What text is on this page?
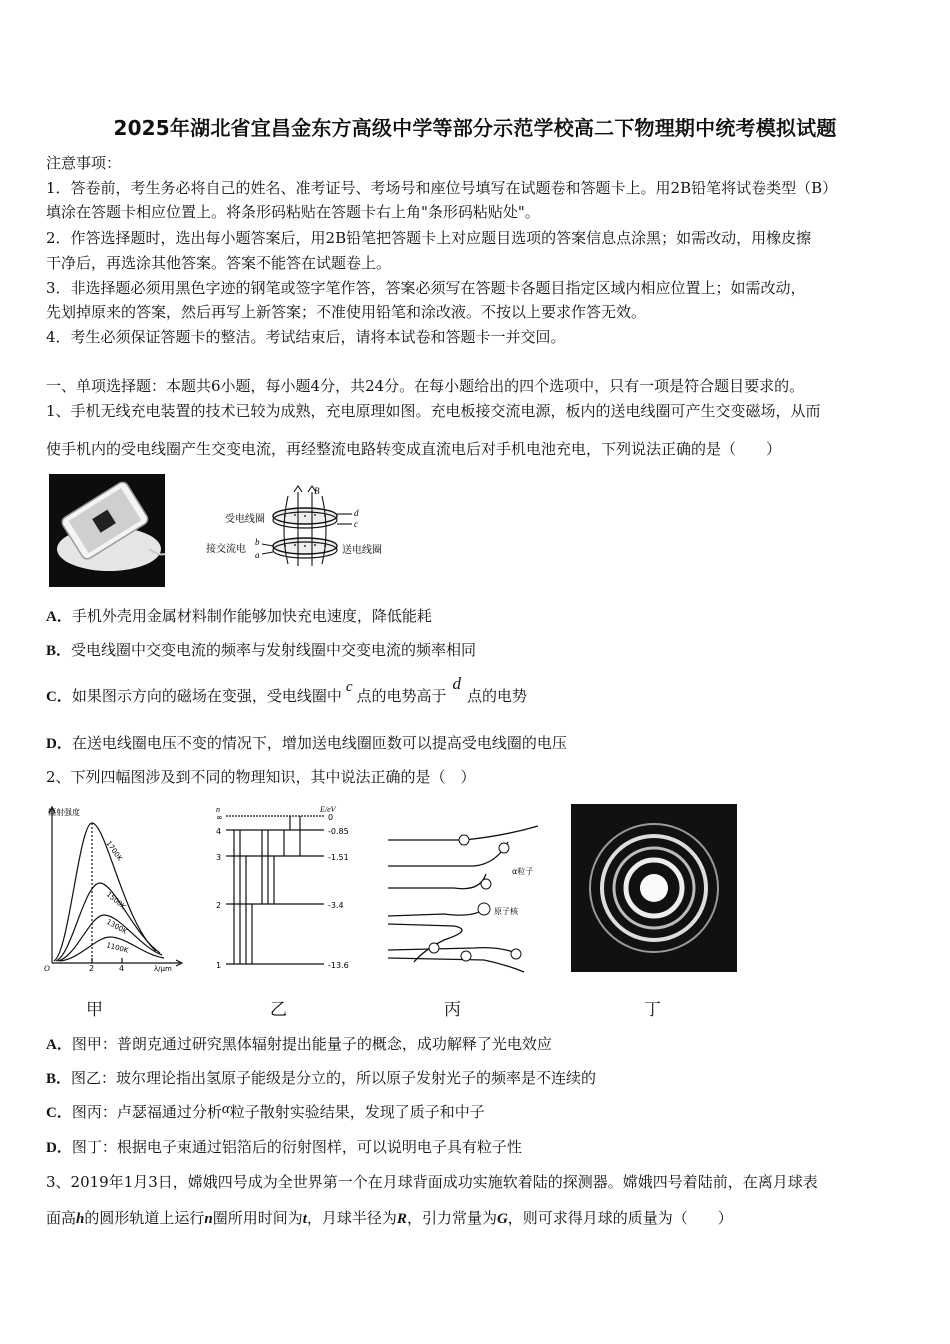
2025年湖北省宜昌金东方高级中学等部分示范学校高二下物理期中统考模拟试题
注意事项：
1．答卷前，考生务必将自己的姓名、准考证号、考场号和座位号填写在试题卷和答题卡上。用2B铅笔将试卷类型（B）
填涂在答题卡相应位置上。将条形码粘贴在答题卡右上角"条形码粘贴处"。
2．作答选择题时，选出每小题答案后，用2B铅笔把答题卡上对应题目选项的答案信息点涂黑；如需改动，用橡皮擦
干净后，再选涂其他答案。答案不能答在试题卷上。
3．非选择题必须用黑色字迹的钢笔或签字笔作答，答案必须写在答题卡各题目指定区域内相应位置上；如需改动，
先划掉原来的答案，然后再写上新答案；不准使用铅笔和涂改液。不按以上要求作答无效。
4．考生必须保证答题卡的整洁。考试结束后，请将本试卷和答题卡一并交回。
一、单项选择题：本题共6小题，每小题4分，共24分。在每小题给出的四个选项中，只有一项是符合题目要求的。
1、手机无线充电装置的技术已较为成熟，充电原理如图。充电板接交流电源，板内的送电线圈可产生交变磁场，从而
使手机内的受电线圈产生交变电流，再经整流电路转变成直流电后对手机电池充电，下列说法正确的是（　　）
B
d
c
b
a
受电线圈
接交流电	送电线圈
A．手机外壳用金属材料制作能够加快充电速度，降低能耗
B．受电线圈中交变电流的频率与发射线圈中交变电流的频率相同
C．如果图示方向的磁场在变强，受电线圈中 c 点的电势高于d点的电势
D．在送电线圈电压不变的情况下，增加送电线圈匝数可以提高受电线圈的电压
2、下列四幅图涉及到不同的物理知识，其中说法正确的是（　）
辐射强度
λ/μm
O	2	4
1700K
1500K
1300K
1100K
n	E/eV
∞	0
4	-0.85
3	-1.51
2	-3.4
1	-13.6
α粒子
原子核
甲	乙	丙	丁
A．图甲：普朗克通过研究黑体辐射提出能量子的概念，成功解释了光电效应
B．图乙：玻尔理论指出氢原子能级是分立的，所以原子发射光子的频率是不连续的
C．图丙：卢瑟福通过分析α粒子散射实验结果，发现了质子和中子
D．图丁：根据电子束通过铝箔后的衍射图样，可以说明电子具有粒子性
3、2019年1月3日，嫦娥四号成为全世界第一个在月球背面成功实施软着陆的探测器。嫦娥四号着陆前，在离月球表
面高h的圆形轨道上运行n圈所用时间为t，月球半径为R，引力常量为G，则可求得月球的质量为（　　）
